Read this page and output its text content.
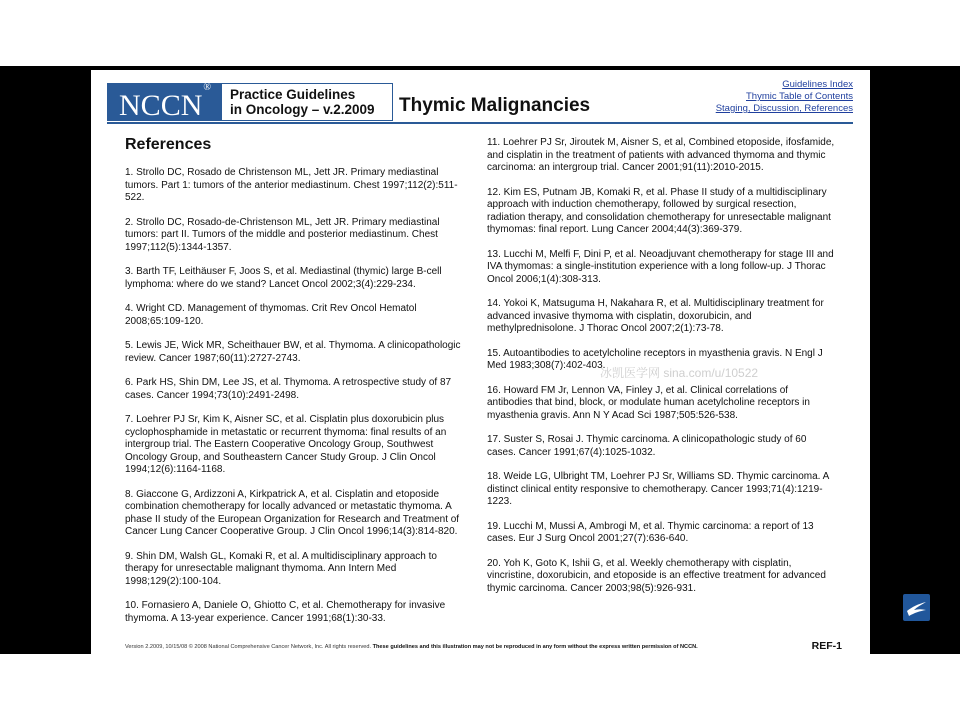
NCCN®	Practice Guidelines
in Oncology – v.2.2009 Thymic Malignancies
Guidelines Index
Thymic Table of Contents
Staging, Discussion, References
References

1. Strollo DC, Rosado de Christenson ML, Jett JR. Primary mediastinal tumors. Part 1: tumors of the anterior mediastinum. Chest 1997;112(2):511-522.

2. Strollo DC, Rosado-de-Christenson ML, Jett JR. Primary mediastinal tumors: part II. Tumors of the middle and posterior mediastinum. Chest 1997;112(5):1344-1357.

3. Barth TF, Leithäuser F, Joos S, et al. Mediastinal (thymic) large B-cell lymphoma: where do we stand? Lancet Oncol 2002;3(4):229-234.

4. Wright CD. Management of thymomas. Crit Rev Oncol Hematol 2008;65:109-120.

5. Lewis JE, Wick MR, Scheithauer BW, et al. Thymoma. A clinicopathologic review. Cancer 1987;60(11):2727-2743.

6. Park HS, Shin DM, Lee JS, et al. Thymoma. A retrospective study of 87 cases. Cancer 1994;73(10):2491-2498.

7. Loehrer PJ Sr, Kim K, Aisner SC, et al. Cisplatin plus doxorubicin plus cyclophosphamide in metastatic or recurrent thymoma: final results of an intergroup trial. The Eastern Cooperative Oncology Group, Southwest Oncology Group, and Southeastern Cancer Study Group. J Clin Oncol 1994;12(6):1164-1168.

8. Giaccone G, Ardizzoni A, Kirkpatrick A, et al. Cisplatin and etoposide combination chemotherapy for locally advanced or metastatic thymoma. A phase II study of the European Organization for Research and Treatment of Cancer Lung Cancer Cooperative Group. J Clin Oncol 1996;14(3):814-820.

9. Shin DM, Walsh GL, Komaki R, et al. A multidisciplinary approach to therapy for unresectable malignant thymoma. Ann Intern Med 1998;129(2):100-104.

10. Fornasiero A, Daniele O, Ghiotto C, et al. Chemotherapy for invasive thymoma. A 13-year experience. Cancer 1991;68(1):30-33.

11. Loehrer PJ Sr, Jiroutek M, Aisner S, et al, Combined etoposide, ifosfamide, and cisplatin in the treatment of patients with advanced thymoma and thymic carcinoma: an intergroup trial. Cancer 2001;91(11):2010-2015.

12. Kim ES, Putnam JB, Komaki R, et al. Phase II study of a multidisciplinary approach with induction chemotherapy, followed by surgical resection, radiation therapy, and consolidation chemotherapy for unresectable malignant thymomas: final report. Lung Cancer 2004;44(3):369-379.

13. Lucchi M, Melfi F, Dini P, et al. Neoadjuvant chemotherapy for stage III and IVA thymomas: a single-institution experience with a long follow-up. J Thorac Oncol 2006;1(4):308-313.

14. Yokoi K, Matsuguma H, Nakahara R, et al. Multidisciplinary treatment for advanced invasive thymoma with cisplatin, doxorubicin, and methylprednisolone. J Thorac Oncol 2007;2(1):73-78.

15. Autoantibodies to acetylcholine receptors in myasthenia gravis. N Engl J Med 1983;308(7):402-403.

16. Howard FM Jr, Lennon VA, Finley J, et al. Clinical correlations of antibodies that bind, block, or modulate human acetylcholine receptors in myasthenia gravis. Ann N Y Acad Sci 1987;505:526-538.

17. Suster S, Rosai J. Thymic carcinoma. A clinicopathologic study of 60 cases. Cancer 1991;67(4):1025-1032.

18. Weide LG, Ulbright TM, Loehrer PJ Sr, Williams SD. Thymic carcinoma. A distinct clinical entity responsive to chemotherapy. Cancer 1993;71(4):1219-1223.

19. Lucchi M, Mussi A, Ambrogi M, et al. Thymic carcinoma: a report of 13 cases. Eur J Surg Oncol 2001;27(7):636-640.

20. Yoh K, Goto K, Ishii G, et al. Weekly chemotherapy with cisplatin, vincristine, doxorubicin, and etoposide is an effective treatment for advanced thymic carcinoma. Cancer 2003;98(5):926-931.

Version 2.2009, 10/15/08 © 2008 National Comprehensive Cancer Network, Inc. All rights reserved. These guidelines and this illustration may not be reproduced in any form without the express written permission of NCCN.	REF-1
冰凯医学网 sina.com/u/10522
